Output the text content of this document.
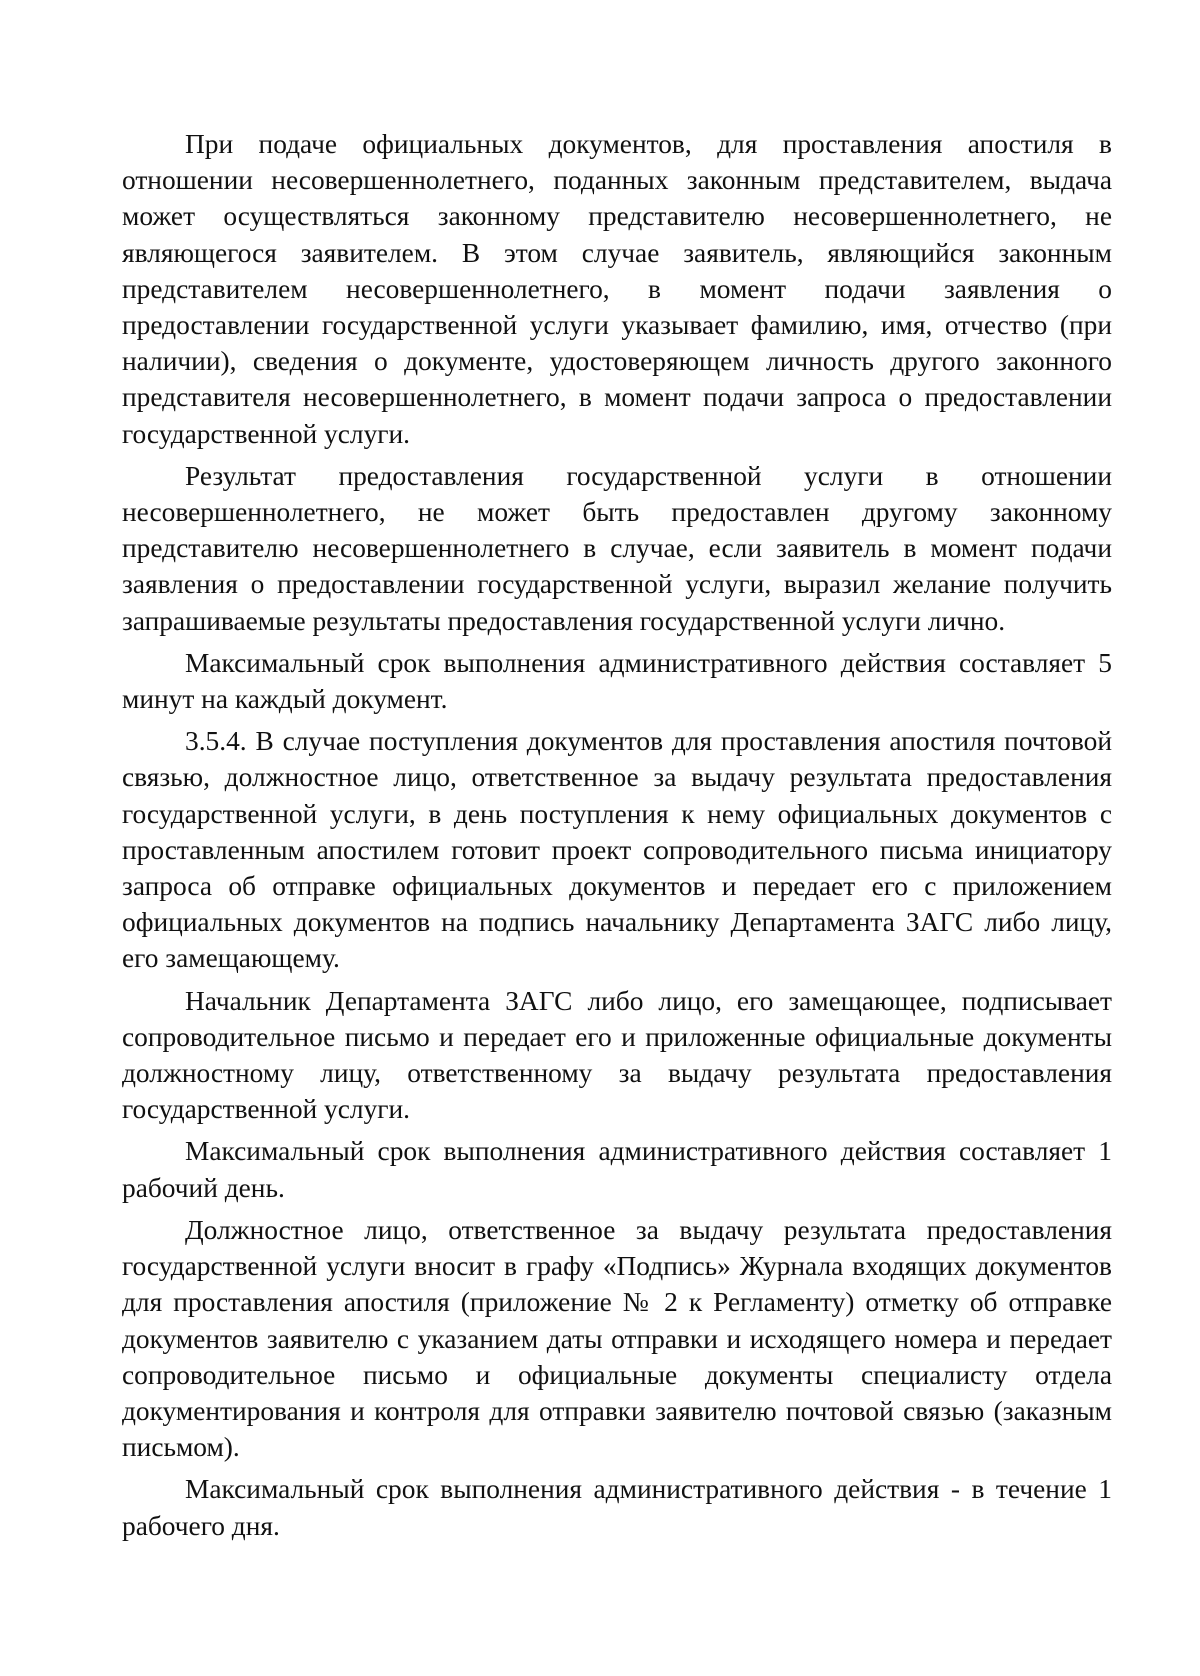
При подаче официальных документов, для проставления апостиля в отношении несовершеннолетнего, поданных законным представителем, выдача может осуществляться законному представителю несовершеннолетнего, не являющегося заявителем. В этом случае заявитель, являющийся законным представителем несовершеннолетнего, в момент подачи заявления о предоставлении государственной услуги указывает фамилию, имя, отчество (при наличии), сведения о документе, удостоверяющем личность другого законного представителя несовершеннолетнего, в момент подачи запроса о предоставлении государственной услуги.

Результат предоставления государственной услуги в отношении несовершеннолетнего, не может быть предоставлен другому законному представителю несовершеннолетнего в случае, если заявитель в момент подачи заявления о предоставлении государственной услуги, выразил желание получить запрашиваемые результаты предоставления государственной услуги лично.

Максимальный срок выполнения административного действия составляет 5 минут на каждый документ.

3.5.4. В случае поступления документов для проставления апостиля почтовой связью, должностное лицо, ответственное за выдачу результата предоставления государственной услуги, в день поступления к нему официальных документов с проставленным апостилем готовит проект сопроводительного письма инициатору запроса об отправке официальных документов и передает его с приложением официальных документов на подпись начальнику Департамента ЗАГС либо лицу, его замещающему.

Начальник Департамента ЗАГС либо лицо, его замещающее, подписывает сопроводительное письмо и передает его и приложенные официальные документы должностному лицу, ответственному за выдачу результата предоставления государственной услуги.

Максимальный срок выполнения административного действия составляет 1 рабочий день.

Должностное лицо, ответственное за выдачу результата предоставления государственной услуги вносит в графу «Подпись» Журнала входящих документов для проставления апостиля (приложение № 2 к Регламенту) отметку об отправке документов заявителю с указанием даты отправки и исходящего номера и передает сопроводительное письмо и официальные документы специалисту отдела документирования и контроля для отправки заявителю почтовой связью (заказным письмом).

Максимальный срок выполнения административного действия - в течение 1 рабочего дня.
